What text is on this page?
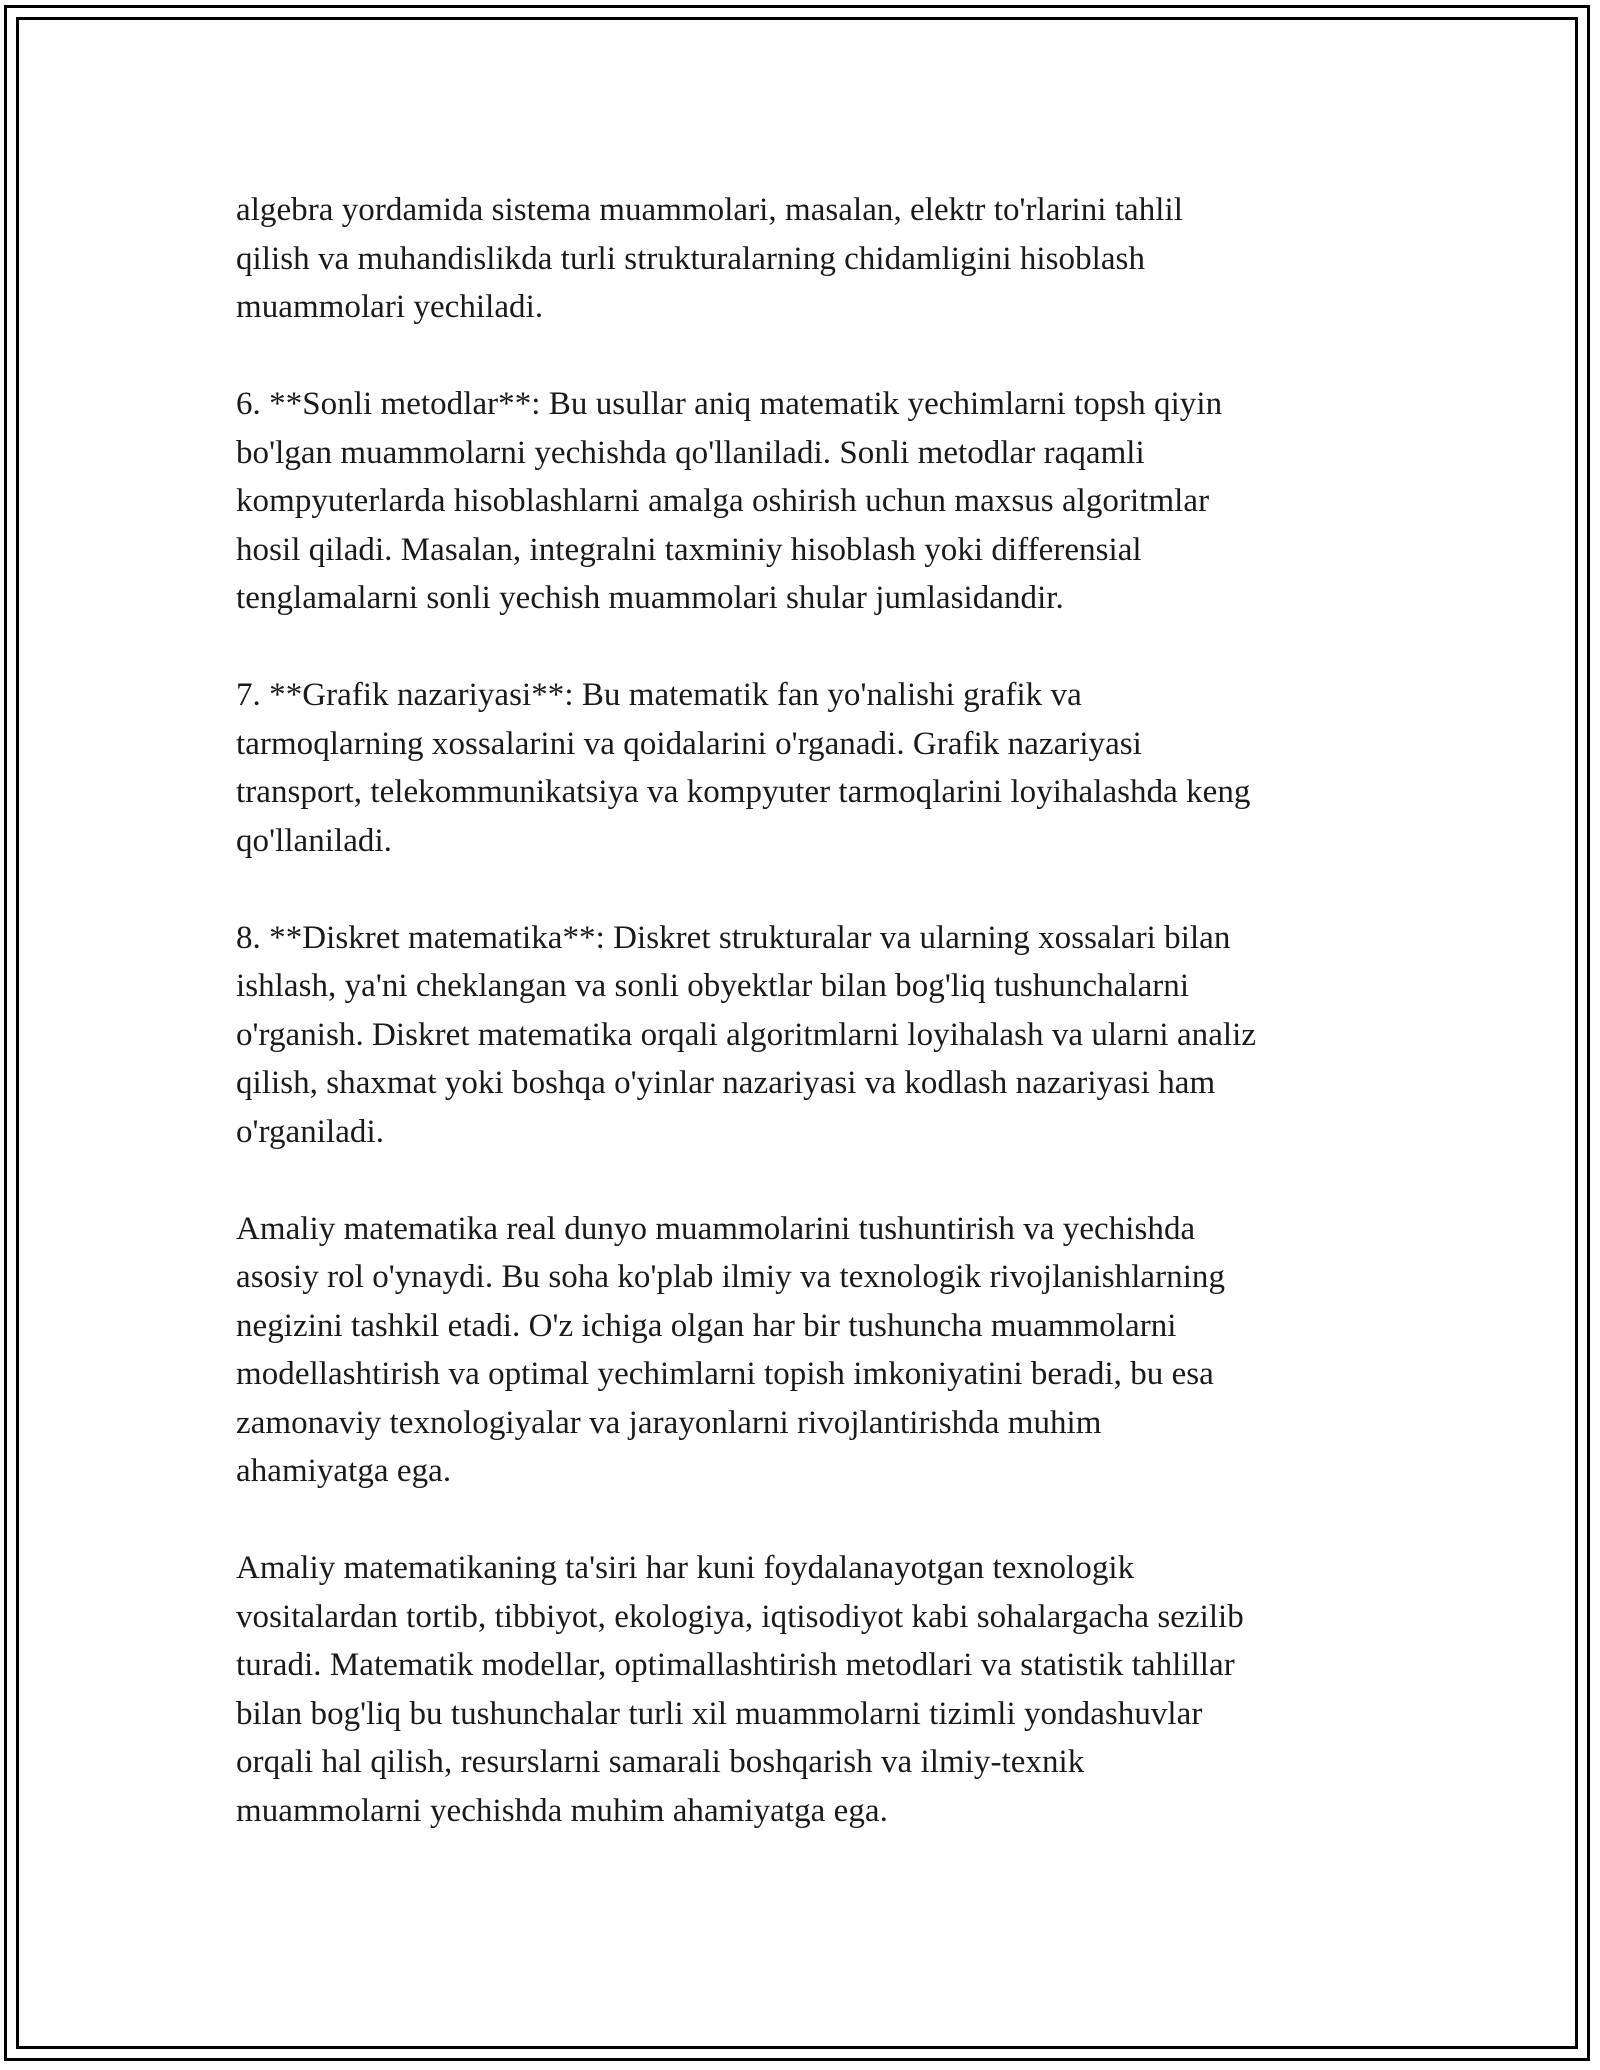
algebra yordamida sistema muammolari, masalan, elektr to'rlarini tahlil
qilish va muhandislikda turli strukturalarning chidamligini hisoblash
muammolari yechiladi.

6. **Sonli metodlar**: Bu usullar aniq matematik yechimlarni topsh qiyin
bo'lgan muammolarni yechishda qo'llaniladi. Sonli metodlar raqamli
kompyuterlarda hisoblashlarni amalga oshirish uchun maxsus algoritmlar
hosil qiladi. Masalan, integralni taxminiy hisoblash yoki differensial
tenglamalarni sonli yechish muammolari shular jumlasidandir.

7. **Grafik nazariyasi**: Bu matematik fan yo'nalishi grafik va
tarmoqlarning xossalarini va qoidalarini o'rganadi. Grafik nazariyasi
transport, telekommunikatsiya va kompyuter tarmoqlarini loyihalashda keng
qo'llaniladi.

8. **Diskret matematika**: Diskret strukturalar va ularning xossalari bilan
ishlash, ya'ni cheklangan va sonli obyektlar bilan bog'liq tushunchalarni
o'rganish. Diskret matematika orqali algoritmlarni loyihalash va ularni analiz
qilish, shaxmat yoki boshqa o'yinlar nazariyasi va kodlash nazariyasi ham
o'rganiladi.

Amaliy matematika real dunyo muammolarini tushuntirish va yechishda
asosiy rol o'ynaydi. Bu soha ko'plab ilmiy va texnologik rivojlanishlarning
negizini tashkil etadi. O'z ichiga olgan har bir tushuncha muammolarni
modellashtirish va optimal yechimlarni topish imkoniyatini beradi, bu esa
zamonaviy texnologiyalar va jarayonlarni rivojlantirishda muhim
ahamiyatga ega.

Amaliy matematikaning ta'siri har kuni foydalanayotgan texnologik
vositalardan tortib, tibbiyot, ekologiya, iqtisodiyot kabi sohalargacha sezilib
turadi. Matematik modellar, optimallashtirish metodlari va statistik tahlillar
bilan bog'liq bu tushunchalar turli xil muammolarni tizimli yondashuvlar
orqali hal qilish, resurslarni samarali boshqarish va ilmiy-texnik
muammolarni yechishda muhim ahamiyatga ega.
